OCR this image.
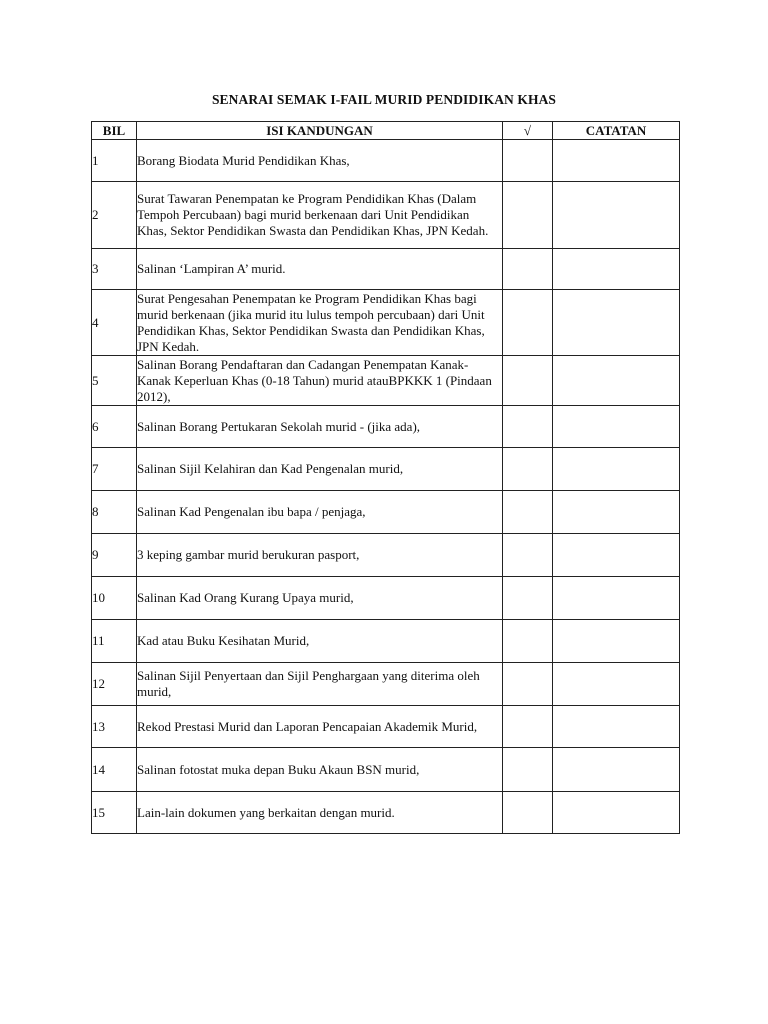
SENARAI SEMAK I-FAIL MURID PENDIDIKAN KHAS
BIL	ISI KANDUNGAN	√	CATATAN
1	Borang Biodata Murid Pendidikan Khas,		
2	Surat Tawaran Penempatan ke Program Pendidikan Khas (Dalam Tempoh Percubaan) bagi murid berkenaan dari Unit Pendidikan Khas, Sektor Pendidikan Swasta dan Pendidikan Khas, JPN Kedah.		
3	Salinan ‘Lampiran A’ murid.		
4	Surat Pengesahan Penempatan ke Program Pendidikan Khas bagi murid berkenaan (jika murid itu lulus tempoh percubaan) dari Unit Pendidikan Khas, Sektor Pendidikan Swasta dan Pendidikan Khas, JPN Kedah.		
5	Salinan Borang Pendaftaran dan Cadangan Penempatan Kanak-Kanak Keperluan Khas (0-18 Tahun) murid atauBPKKK 1 (Pindaan 2012),		
6	Salinan Borang Pertukaran Sekolah murid - (jika ada),		
7	Salinan Sijil Kelahiran dan Kad Pengenalan murid,		
8	Salinan Kad Pengenalan ibu bapa / penjaga,		
9	3 keping gambar murid berukuran pasport,		
10	Salinan Kad Orang Kurang Upaya murid,		
11	Kad atau Buku Kesihatan Murid,		
12	Salinan Sijil Penyertaan dan Sijil Penghargaan yang diterima oleh murid,		
13	Rekod Prestasi Murid dan Laporan Pencapaian Akademik Murid,		
14	Salinan fotostat muka depan Buku Akaun BSN murid,		
15	Lain-lain dokumen yang berkaitan dengan murid.		
